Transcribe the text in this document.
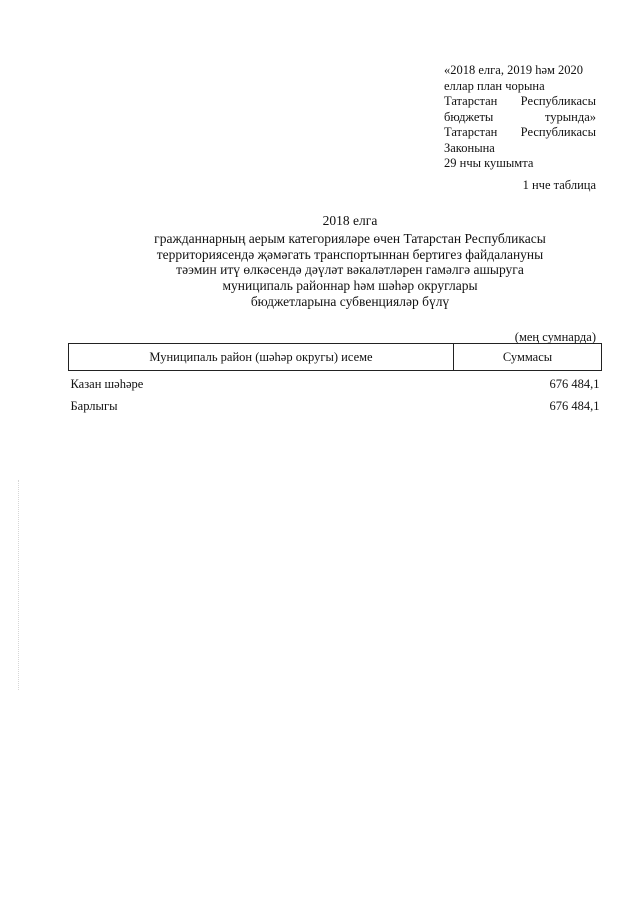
«2018 елга, 2019 һәм 2020
еллар план чорына
Татарстан Республикасы
бюджеты	турында»
Татарстан Республикасы
Законына
29 нчы кушымта
1 нче таблица
2018 елга
гражданнарның аерым категорияләре өчен Татарстан Республикасы
территориясендә җәмәгать транспортыннан бертигез файдалануны
тәэмин итү өлкәсендә дәүләт вәкаләтләрен гамәлгә ашыруга
муниципаль районнар һәм шәһәр округлары
бюджетларына субвенцияләр бүлү
(мең сумнарда)
Муниципаль район (шәһәр округы) исеме	Суммасы
Казан шәһәре	676 484,1
Барлыгы	676 484,1
